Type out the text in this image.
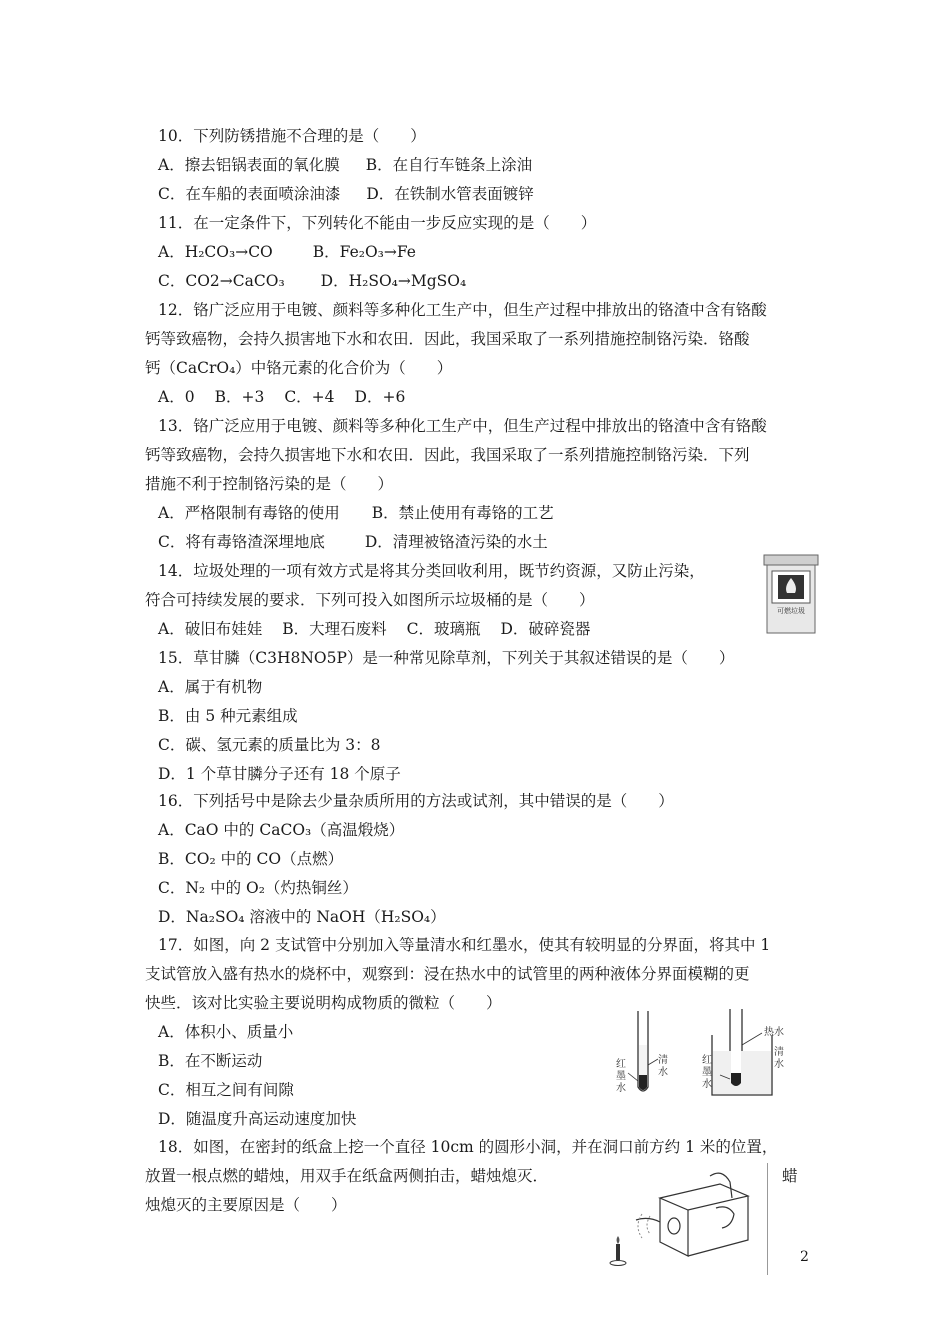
10．下列防锈措施不合理的是（　　）
A．擦去铝锅表面的氧化膜 B．在自行车链条上涂油
C．在车船的表面喷涂油漆 D．在铁制水管表面镀锌
11．在一定条件下，下列转化不能由一步反应实现的是（　　）
A．H₂CO₃→CO	B．Fe₂O₃→Fe
C．CO2→CaCO₃ D．H₂SO₄→MgSO₄
12．铬广泛应用于电镀、颜料等多种化工生产中，但生产过程中排放出的铬渣中含有铬酸
钙等致癌物，会持久损害地下水和农田．因此，我国采取了一系列措施控制铬污染．铬酸
钙（CaCrO₄）中铬元素的化合价为（　　）
A．0 B．+3 C．+4 D．+6
13．铬广泛应用于电镀、颜料等多种化工生产中，但生产过程中排放出的铬渣中含有铬酸
钙等致癌物，会持久损害地下水和农田．因此，我国采取了一系列措施控制铬污染．下列
措施不利于控制铬污染的是（　　）
A．严格限制有毒铬的使用 B．禁止使用有毒铬的工艺
C．将有毒铬渣深埋地底	D．清理被铬渣污染的水土
14．垃圾处理的一项有效方式是将其分类回收利用，既节约资源，又防止污染，
符合可持续发展的要求．下列可投入如图所示垃圾桶的是（　　）
A．破旧布娃娃 B．大理石废料 C．玻璃瓶 D．破碎瓷器
可燃垃圾
15．草甘膦（C3H8NO5P）是一种常见除草剂，下列关于其叙述错误的是（　　）
A．属于有机物
B．由 5 种元素组成
C．碳、氢元素的质量比为 3：8
D．1 个草甘膦分子还有 18 个原子
16．下列括号中是除去少量杂质所用的方法或试剂，其中错误的是（　　）
A．CaO 中的 CaCO₃（高温煅烧）
B．CO₂ 中的 CO（点燃）
C．N₂ 中的 O₂（灼热铜丝）
D．Na₂SO₄ 溶液中的 NaOH（H₂SO₄）
17．如图，向 2 支试管中分别加入等量清水和红墨水，使其有较明显的分界面，将其中 1
支试管放入盛有热水的烧杯中，观察到：浸在热水中的试管里的两种液体分界面模糊的更
快些．该对比实验主要说明构成物质的微粒（　　）
A．体积小、质量小
B．在不断运动
C．相互之间有间隙
D．随温度升高运动速度加快
红 墨 水
清 水
红 墨 水
清 水
热水
18．如图，在密封的纸盒上挖一个直径 10cm 的圆形小洞，并在洞口前方约 1 米的位置，
放置一根点燃的蜡烛，用双手在纸盒两侧拍击，蜡烛熄灭．	蜡
烛熄灭的主要原因是（　　）
2
